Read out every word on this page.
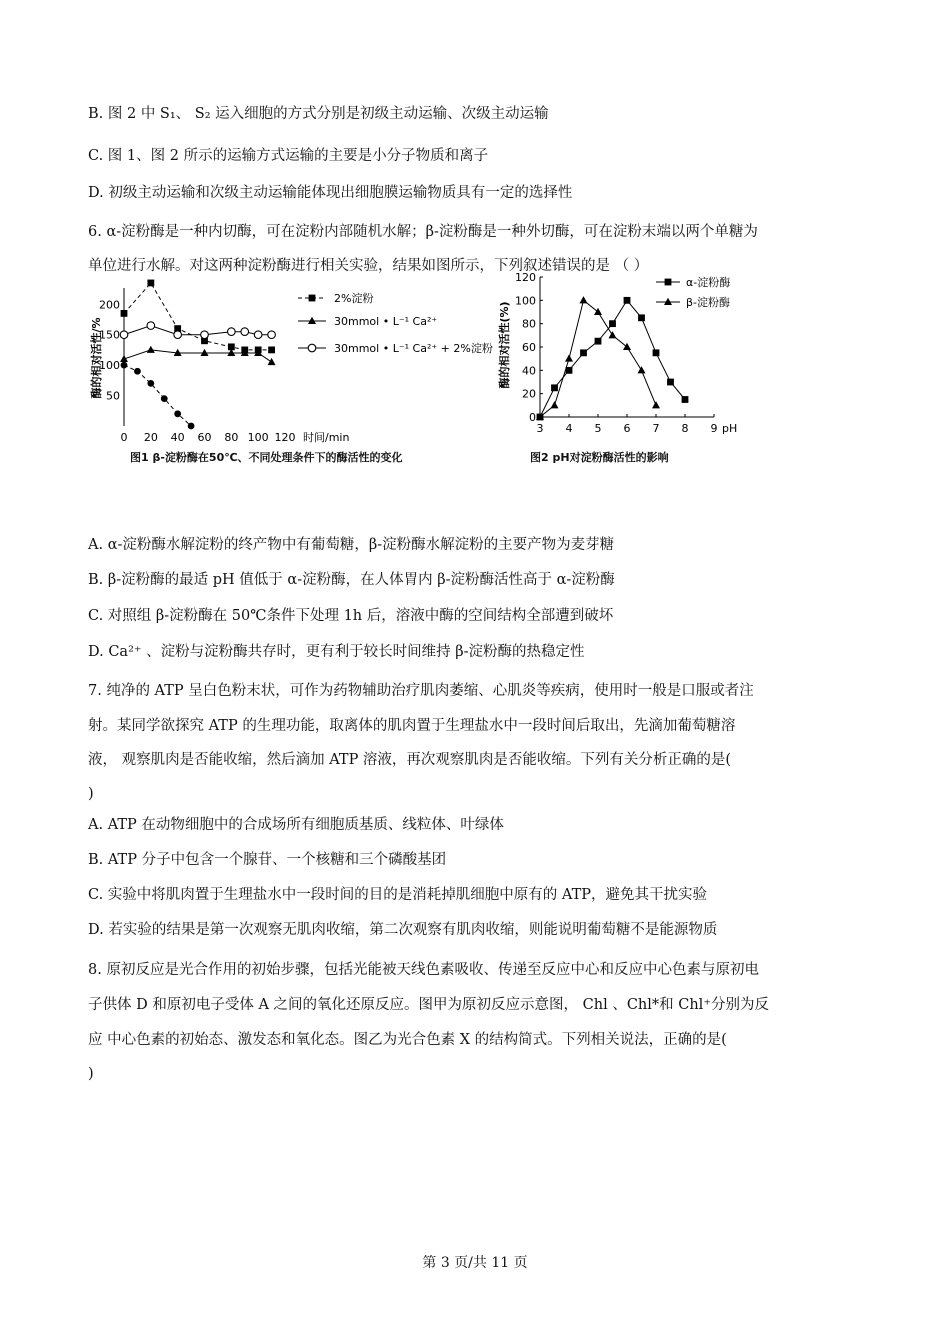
B. 图 2 中 S₁、 S₂ 运入细胞的方式分别是初级主动运输、次级主动运输
C. 图 1、图 2 所示的运输方式运输的主要是小分子物质和离子
D. 初级主动运输和次级主动运输能体现出细胞膜运输物质具有一定的选择性
6. α-淀粉酶是一种内切酶，可在淀粉内部随机水解；β-淀粉酶是一种外切酶，可在淀粉末端以两个单糖为
单位进行水解。对这两种淀粉酶进行相关实验，结果如图所示，下列叙述错误的是 （ ）
A. α-淀粉酶水解淀粉的终产物中有葡萄糖，β-淀粉酶水解淀粉的主要产物为麦芽糖
B. β-淀粉酶的最适 pH 值低于 α-淀粉酶，在人体胃内 β-淀粉酶活性高于 α-淀粉酶
C. 对照组 β-淀粉酶在 50℃条件下处理 1h 后，溶液中酶的空间结构全部遭到破坏
D. Ca²⁺ 、淀粉与淀粉酶共存时，更有利于较长时间维持 β-淀粉酶的热稳定性
7. 纯净的 ATP 呈白色粉末状，可作为药物辅助治疗肌肉萎缩、心肌炎等疾病，使用时一般是口服或者注
射。某同学欲探究 ATP 的生理功能，取离体的肌肉置于生理盐水中一段时间后取出，先滴加葡萄糖溶
液， 观察肌肉是否能收缩，然后滴加 ATP 溶液，再次观察肌肉是否能收缩。下列有关分析正确的是(
)
A. ATP 在动物细胞中的合成场所有细胞质基质、线粒体、叶绿体
B. ATP 分子中包含一个腺苷、一个核糖和三个磷酸基团
C. 实验中将肌肉置于生理盐水中一段时间的目的是消耗掉肌细胞中原有的 ATP，避免其干扰实验
D. 若实验的结果是第一次观察无肌肉收缩，第二次观察有肌肉收缩，则能说明葡萄糖不是能源物质
8. 原初反应是光合作用的初始步骤，包括光能被天线色素吸收、传递至反应中心和反应中心色素与原初电
子供体 D 和原初电子受体 A 之间的氧化还原反应。图甲为原初反应示意图， Chl 、Chl*和 Chl⁺分别为反
应 中心色素的初始态、激发态和氧化态。图乙为光合色素 X 的结构简式。下列相关说法，正确的是(
)
酶的相对活性/% 50
100
150
200
0 20 40 60 80 100 120 时间/min
2%淀粉
30mmol • L⁻¹ Ca²⁺
30mmol • L⁻¹ Ca²⁺ + 2%淀粉
图1 β-淀粉酶在50℃、不同处理条件下的酶活性的变化
酶的相对活性(%)
0
20
40
60
80
100
120
3 4 5 6 7 8 9 pH
α-淀粉酶
β-淀粉酶
图2 pH对淀粉酶活性的影响
第 3 页/共 11 页
